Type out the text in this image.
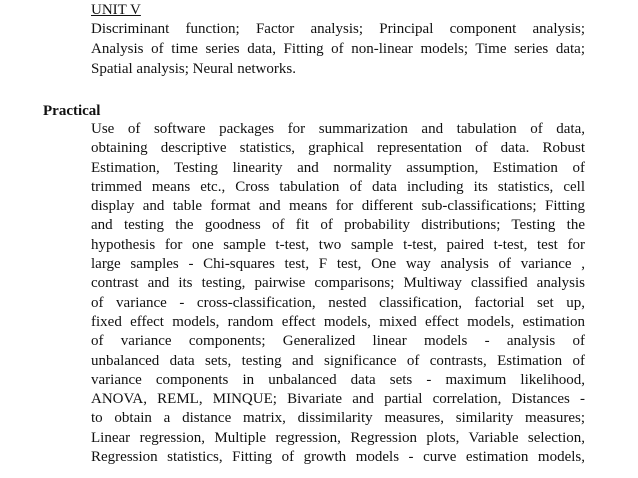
UNIT V
Discriminant function; Factor analysis; Principal component analysis;
Analysis of time series data, Fitting of non-linear models; Time series data;
Spatial analysis; Neural networks.
Practical
Use of software packages for summarization and tabulation of data,
obtaining descriptive statistics, graphical representation of data. Robust
Estimation, Testing linearity and normality assumption, Estimation of
trimmed means etc., Cross tabulation of data including its statistics, cell
display and table format and means for different sub-classifications; Fitting
and testing the goodness of fit of probability distributions; Testing the
hypothesis for one sample t-test, two sample t-test, paired t-test, test for
large samples - Chi-squares test, F test, One way analysis of variance ,
contrast and its testing, pairwise comparisons; Multiway classified analysis
of variance - cross-classification, nested classification, factorial set up,
fixed effect models, random effect models, mixed effect models, estimation
of variance components; Generalized linear models - analysis of
unbalanced data sets, testing and significance of contrasts, Estimation of
variance components in unbalanced data sets - maximum likelihood,
ANOVA, REML, MINQUE; Bivariate and partial correlation, Distances -
to obtain a distance matrix, dissimilarity measures, similarity measures;
Linear regression, Multiple regression, Regression plots, Variable selection,
Regression statistics, Fitting of growth models - curve estimation models,
